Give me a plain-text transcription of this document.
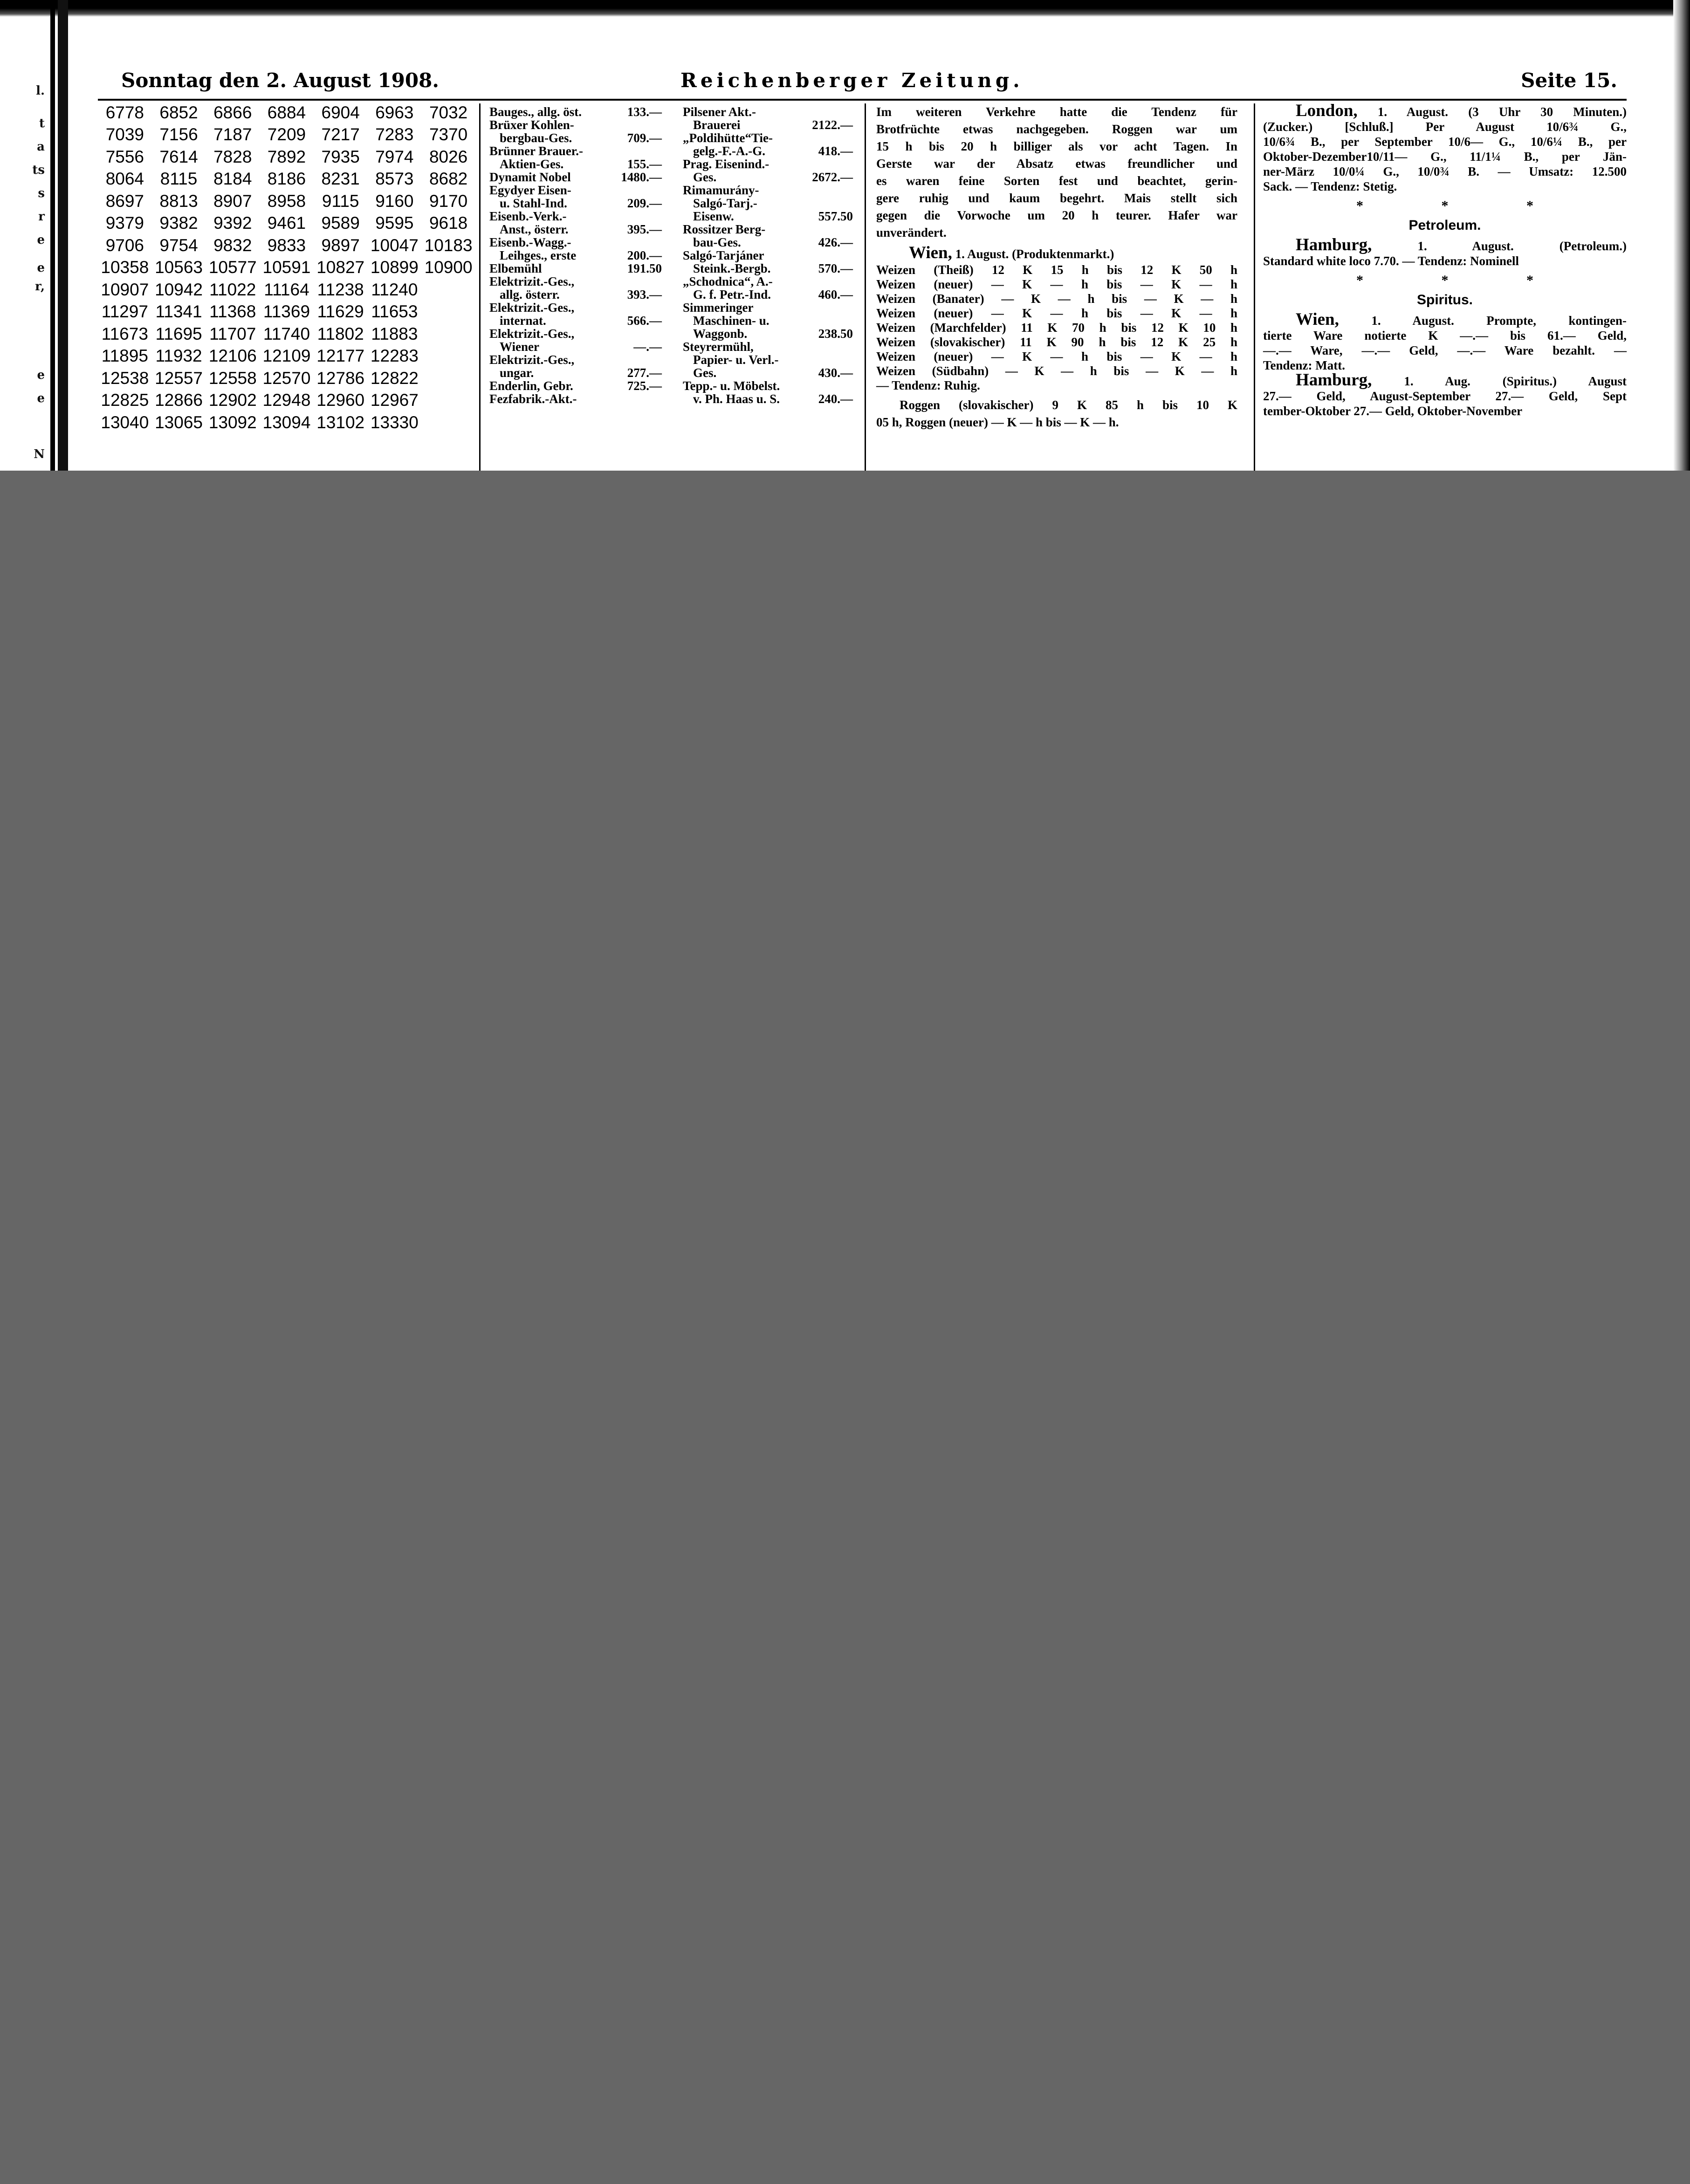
l.
t
a
ts
s
r
e
e
r,
e
e
N
Sonntag den 2. August 1908.	Reichenberger Zeitung.	Seite 15.
6778	6852	6866	6884	6904	6963	7032
7039	7156	7187	7209	7217	7283	7370
7556	7614	7828	7892	7935	7974	8026
8064	8115	8184	8186	8231	8573	8682
8697	8813	8907	8958	9115	9160	9170
9379	9382	9392	9461	9589	9595	9618
9706	9754	9832	9833	9897	10047	10183
10358	10563	10577	10591	10827	10899	10900
10907	10942	11022	11164	11238	11240	
11297	11341	11368	11369	11629	11653	
11673	11695	11707	11740	11802	11883	
11895	11932	12106	12109	12177	12283	
12538	12557	12558	12570	12786	12822	
12825	12866	12902	12948	12960	12967	
13040	13065	13092	13094	13102	13330	
Bauges., allg. öst.	133.—
Brüxer Kohlen-
bergbau-Ges.	709.—
Brünner Brauer.-
Aktien-Ges.	155.—
Dynamit Nobel	1480.—
Egydyer Eisen-
u. Stahl-Ind.	209.—
Eisenb.-Verk.-
Anst., österr.	395.—
Eisenb.-Wagg.-
Leihges., erste	200.—
Elbemühl	191.50
Elektrizit.-Ges.,
allg. österr.	393.—
Elektrizit.-Ges.,
internat.	566.—
Elektrizit.-Ges.,
Wiener	—.—
Elektrizit.-Ges.,
ungar.	277.—
Enderlin, Gebr.	725.—
Fezfabrik.-Akt.-
Pilsener Akt.-
Brauerei	2122.—
„Poldihütte“Tie-
gelg.-F.-A.-G.	418.—
Prag. Eisenind.-
Ges.	2672.—
Rimamurány-
Salgó-Tarj.-
Eisenw.	557.50
Rossitzer Berg-
bau-Ges.	426.—
Salgó-Tarjáner
Steink.-Bergb.	570.—
„Schodnica“, A.-
G. f. Petr.-Ind.	460.—
Simmeringer
Maschinen- u.
Waggonb.	238.50
Steyrermühl,
Papier- u. Verl.-
Ges.	430.—
Tepp.- u. Möbelst.
v. Ph. Haas u. S.	240.—
Im weiteren Verkehre hatte die Tendenz für
Brotfrüchte etwas nachgegeben. Roggen war um
15 h bis 20 h billiger als vor acht Tagen. In
Gerste war der Absatz etwas freundlicher und
es waren feine Sorten fest und beachtet, gerin-
gere ruhig und kaum begehrt. Mais stellt sich
gegen die Vorwoche um 20 h teurer. Hafer war
unverändert.
Wien, 1. August. (Produktenmarkt.)
Weizen (Theiß) 12 K 15 h bis 12 K 50 h
Weizen (neuer) — K — h bis — K — h
Weizen (Banater) — K — h bis — K — h
Weizen (neuer) — K — h bis — K — h
Weizen (Marchfelder) 11 K 70 h bis 12 K 10 h
Weizen (slovakischer) 11 K 90 h bis 12 K 25 h
Weizen (neuer) — K — h bis — K — h
Weizen (Südbahn) — K — h bis — K — h
— Tendenz: Ruhig.
Roggen (slovakischer) 9 K 85 h bis 10 K
05 h, Roggen (neuer) — K — h bis — K — h.
London, 1. August. (3 Uhr 30 Minuten.)
(Zucker.) [Schluß.] Per August 10/6¾ G.,
10/6¾ B., per September 10/6— G., 10/6¼ B., per
Oktober-Dezember10/11— G., 11/1¼ B., per Jän-
ner-März 10/0¼ G., 10/0¾ B. — Umsatz: 12.500
Sack. — Tendenz: Stetig.
* * *
Petroleum.
Hamburg,	1. August. (Petroleum.)
Standard white loco 7.70. — Tendenz: Nominell
* * *
Spiritus.
Wien,	1. August. Prompte, kontingen-
tierte Ware notierte K —.— bis 61.— Geld,
—.— Ware, —.— Geld, —.— Ware bezahlt. —
Tendenz: Matt.
Hamburg,	1. Aug. (Spiritus.) August
27.— Geld, August-September 27.— Geld, Sept
tember-Oktober 27.— Geld, Oktober-November
